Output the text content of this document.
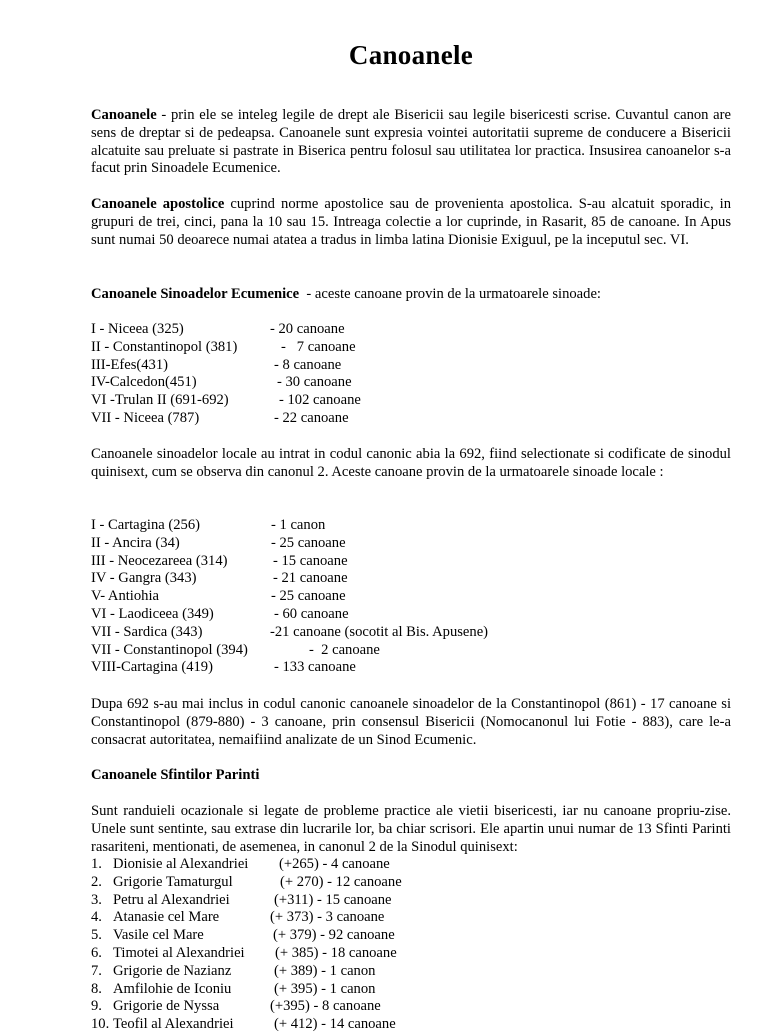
Canoanele

Canoanele - prin ele se inteleg legile de drept ale Bisericii sau legile bisericesti scrise. Cuvantul canon are sens de dreptar si de pedeapsa. Canoanele sunt expresia vointei autoritatii supreme de conducere a Bisericii alcatuite sau preluate si pastrate in Biserica pentru folosul sau utilitatea lor practica. Insusirea canoanelor s-a facut prin Sinoadele Ecumenice.

Canoanele apostolice cuprind norme apostolice sau de provenienta apostolica. S-au alcatuit sporadic, in grupuri de trei, cinci, pana la 10 sau 15. Intreaga colectie a lor cuprinde, in Rasarit, 85 de canoane. In Apus sunt numai 50 deoarece numai atatea a tradus in limba latina Dionisie Exiguul, pe la inceputul sec. VI.

Canoanele Sinoadelor Ecumenice  - aceste canoane provin de la urmatoarele sinoade:

I - Niceea (325)	- 20 canoane
II - Constantinopol (381)	-   7 canoane
III-Efes(431)	- 8 canoane
IV-Calcedon(451)	- 30 canoane
VI -Trulan II (691-692)	- 102 canoane
VII - Niceea (787)	- 22 canoane

Canoanele sinoadelor locale au intrat in codul canonic abia la 692, fiind selectionate si codificate de sinodul quinisext, cum se observa din canonul 2. Aceste canoane provin de la urmatoarele sinoade locale :

I - Cartagina (256)	- 1 canon
II - Ancira (34)	- 25 canoane
III - Neocezareea (314)	- 15 canoane
IV - Gangra (343)	- 21 canoane
V- Antiohia	- 25 canoane
VI - Laodiceea (349)	- 60 canoane
VII - Sardica (343)	-21 canoane (socotit al Bis. Apusene)
VII - Constantinopol (394)	-  2 canoane
VIII-Cartagina (419)	- 133 canoane

Dupa 692 s-au mai inclus in codul canonic canoanele sinoadelor de la Constantinopol (861) - 17 canoane si Constantinopol (879-880) - 3 canoane, prin consensul Bisericii (Nomocanonul lui Fotie - 883), care le-a consacrat autoritatea, nemaifiind analizate de un Sinod Ecumenic.

Canoanele Sfintilor Parinti

Sunt randuieli ocazionale si legate de probleme practice ale vietii bisericesti, iar nu canoane propriu-zise. Unele sunt sentinte, sau extrase din lucrarile lor, ba chiar scrisori. Ele apartin unui numar de 13 Sfinti Parinti rasariteni, mentionati, de asemenea, in canonul 2 de la Sinodul quinisext:

1. Dionisie al Alexandriei (+265) - 4 canoane
2. Grigorie Tamaturgul	(+ 270) - 12 canoane
3. Petru al Alexandriei	(+311) - 15 canoane
4. Atanasie cel Mare	(+ 373) - 3 canoane
5. Vasile cel Mare	(+ 379) - 92 canoane
6. Timotei al Alexandriei (+ 385) - 18 canoane
7. Grigorie de Nazianz	(+ 389) - 1 canon
8. Amfilohie de Iconiu	(+ 395) - 1 canon
9. Grigorie de Nyssa	(+395) - 8 canoane
10. Teofil al Alexandriei	(+ 412) - 14 canoane
